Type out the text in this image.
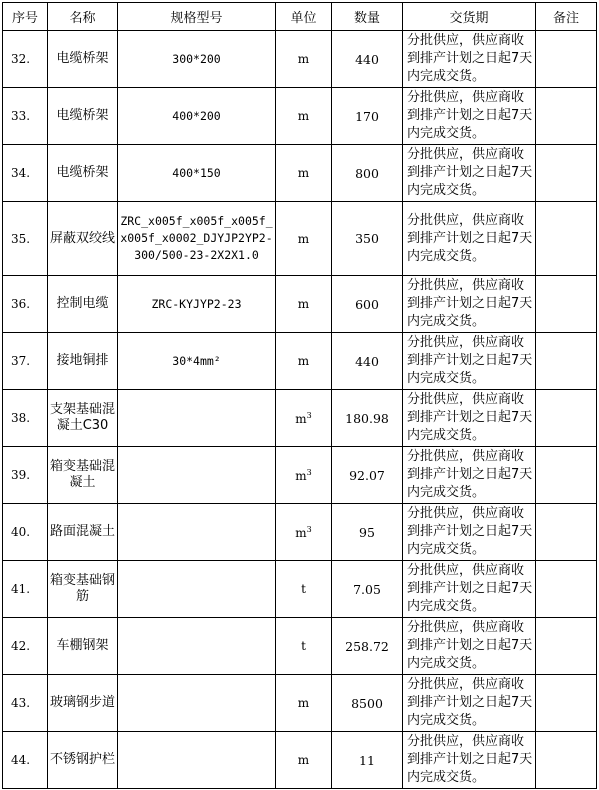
序号	名称	规格型号	单位	数量	交货期	备注
32.	电缆桥架	300*200	m	440	分批供应，供应商收到排产计划之日起7天内完成交货。	
33.	电缆桥架	400*200	m	170	分批供应，供应商收到排产计划之日起7天内完成交货。	
34.	电缆桥架	400*150	m	800	分批供应，供应商收到排产计划之日起7天内完成交货。	
35.	屏蔽双绞线	ZRC_x005f_x005f_x005f_x005f_x0002_DJYJP2YP2-300/500-23-2X2X1.0	m	350	分批供应，供应商收到排产计划之日起7天内完成交货。	
36.	控制电缆	ZRC-KYJYP2-23	m	600	分批供应，供应商收到排产计划之日起7天内完成交货。	
37.	接地铜排	30*4mm²	m	440	分批供应，供应商收到排产计划之日起7天内完成交货。	
38.	支架基础混凝土C30		$m^3$	180.98	分批供应，供应商收到排产计划之日起7天内完成交货。	
39.	箱变基础混凝土		$m^3$	92.07	分批供应，供应商收到排产计划之日起7天内完成交货。	
40.	路面混凝土		$m^3$	95	分批供应，供应商收到排产计划之日起7天内完成交货。	
41.	箱变基础钢筋		t	7.05	分批供应，供应商收到排产计划之日起7天内完成交货。	
42.	车棚钢架		t	258.72	分批供应，供应商收到排产计划之日起7天内完成交货。	
43.	玻璃钢步道		m	8500	分批供应，供应商收到排产计划之日起7天内完成交货。	
44.	不锈钢护栏		m	11	分批供应，供应商收到排产计划之日起7天内完成交货。	
